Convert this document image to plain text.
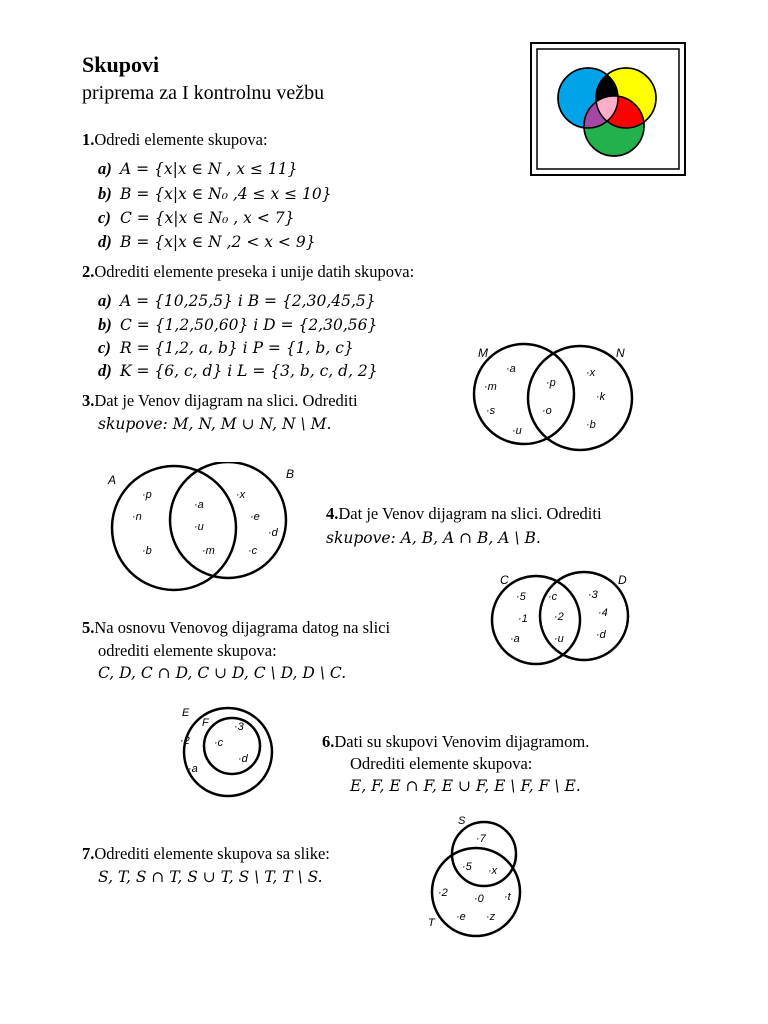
Skupovi
priprema za I kontrolnu vežbu
1.Odredi elemente skupova:
a) A = {x|x ∈ N , x ≤ 11}
b) B = {x|x ∈ N₀ ,4 ≤ x ≤ 10}
c) C = {x|x ∈ N₀ , x < 7}
d) B = {x|x ∈ N ,2 < x < 9}
2.Odrediti elemente preseka i unije datih skupova:
a) A = {10,25,5} i B = {2,30,45,5}
b) C = {1,2,50,60} i D = {2,30,56}
c) R = {1,2, a, b} i P = {1, b, c}
d) K = {6, c, d} i L = {3, b, c, d, 2}
3.Dat je Venov dijagram na slici. Odrediti
skupove: M, N, M ∪ N, N \ M.
M	N
·a
·m
·s
·u
·p
·o
·x
·k
·b
A	B
·p
·n
·b
·a
·u
·m
·x
·e
·d
·c
4.Dat je Venov dijagram na slici. Odrediti
skupove: A, B, A ∩ B, A \ B.
C	D
·5
·1
·a
·c
·2
·u
·3
·4
·d
5.Na osnovu Venovog dijagrama datog na slici
odrediti elemente skupova:
C, D, C ∩ D, C ∪ D, C \ D, D \ C.
E
F
·2
·a
·3
·c
·d
6.Dati su skupovi Venovim dijagramom.
Odrediti elemente skupova:
E, F, E ∩ F, E ∪ F, E \ F, F \ E.
7.Odrediti elemente skupova sa slike:
S, T, S ∩ T, S ∪ T, S \ T, T \ S.
S
T
·7
·5 ·x
·2 ·0 ·t
·e ·z
